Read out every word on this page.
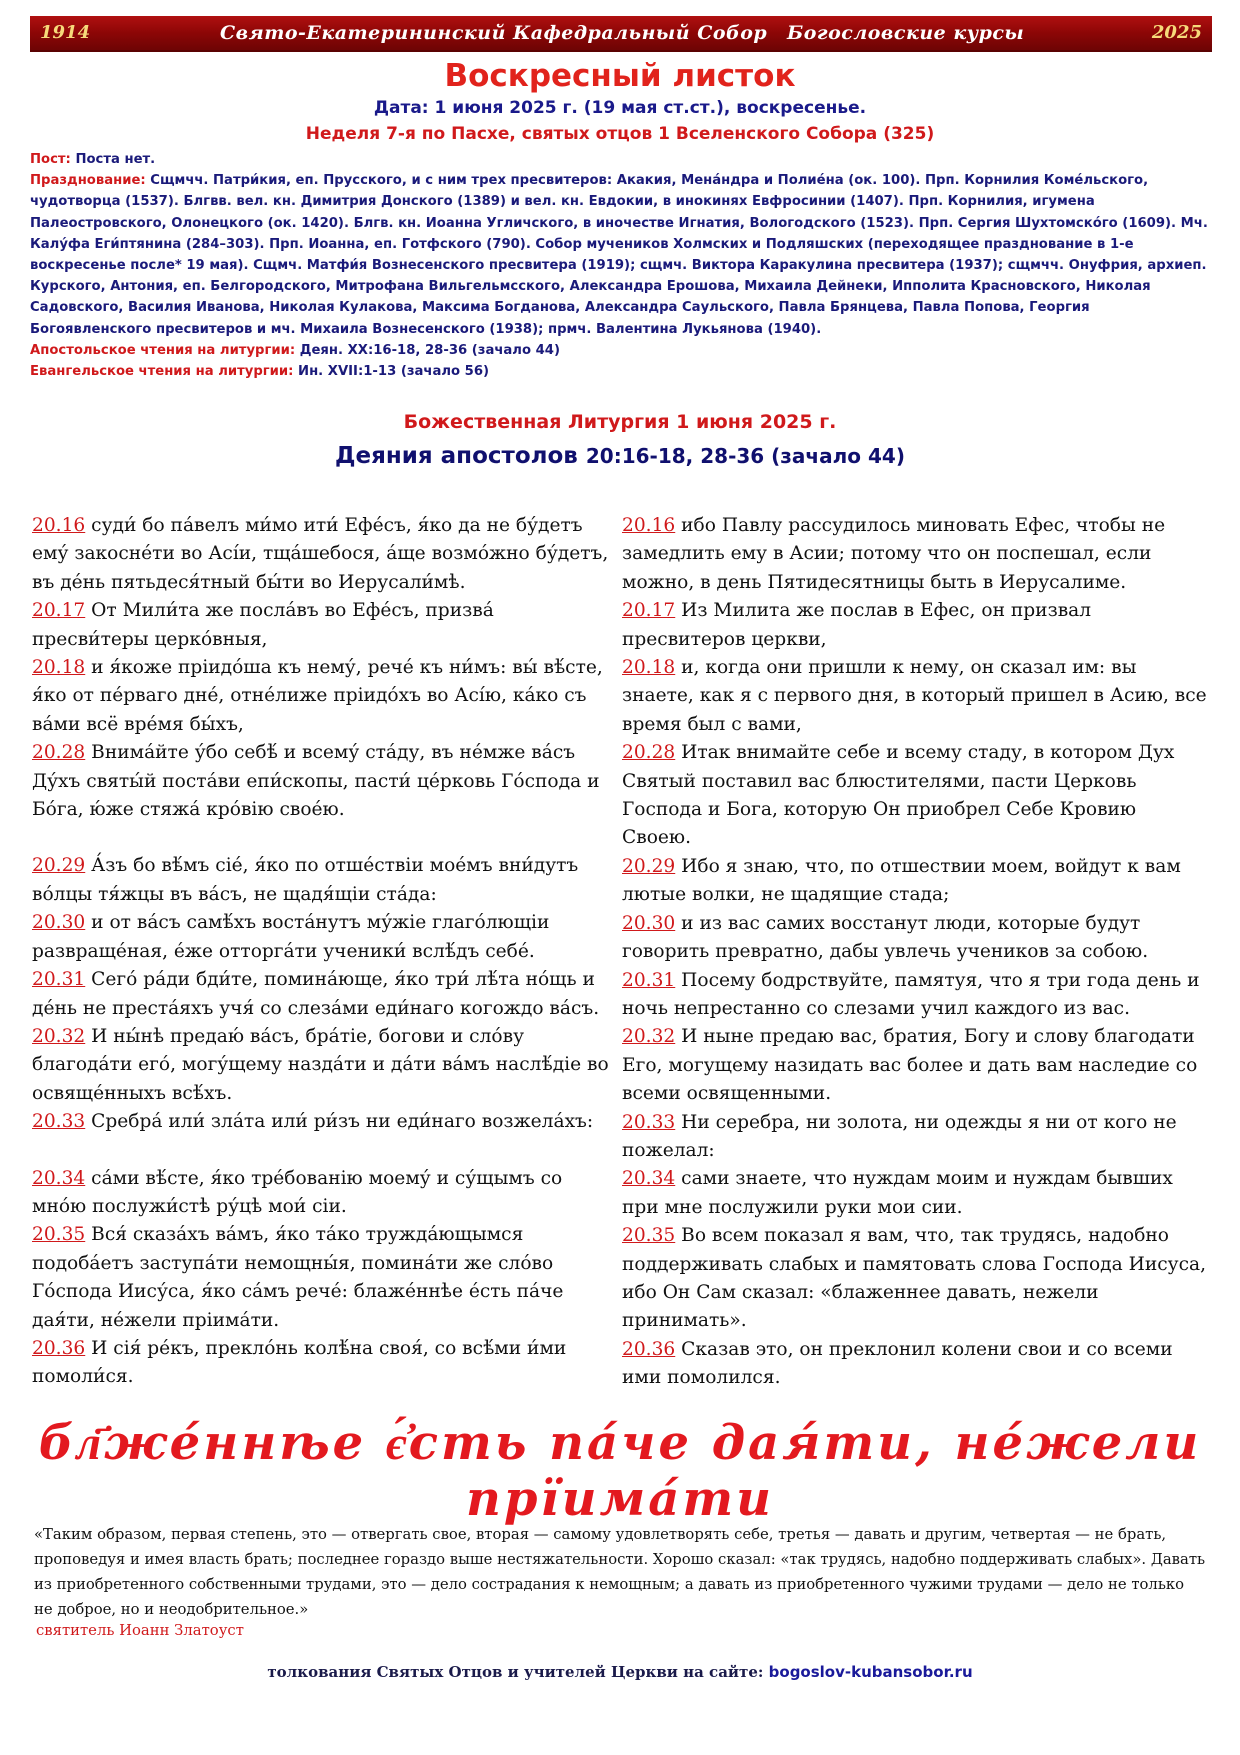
1914	Свято-Екатерининский Кафедральный Собор Богословские курсы	2025
Воскресный листок
Дата: 1 июня 2025 г. (19 мая ст.ст.), воскресенье.
Неделя 7-я по Пасхе, святых отцов 1 Вселенского Собора (325)
Пост: Поста нет.
Празднование: Сщмчч. Патри́кия, еп. Прусского, и с ним трех пресвитеров: Акакия, Мена́ндра и Полие́на (ок. 100). Прп. Корнилия Коме́льского, чудотворца (1537). Блгвв. вел. кн. Димитрия Донского (1389) и вел. кн. Евдокии, в инокинях Евфросинии (1407). Прп. Корнилия, игумена Палеостровского, Олонецкого (ок. 1420). Блгв. кн. Иоанна Угличского, в иночестве Игнатия, Вологодского (1523). Прп. Сергия Шухтомско́го (1609). Мч. Калу́фа Еги́птянина (284–303). Прп. Иоанна, еп. Готфского (790). Собор мучеников Холмских и Подляшских (переходящее празднование в 1-е воскресенье после* 19 мая). Сщмч. Матфи́я Вознесенского пресвитера (1919); сщмч. Виктора Каракулина пресвитера (1937); сщмчч. Онуфрия, архиеп. Курского, Антония, еп. Белгородского, Митрофана Вильгельмсского, Александра Ерошова, Михаила Дейнеки, Ипполита Красновского, Николая Садовского, Василия Иванова, Николая Кулакова, Максима Богданова, Александра Саульского, Павла Брянцева, Павла Попова, Георгия Богоявленского пресвитеров и мч. Михаила Вознесенского (1938); прмч. Валентина Лукьянова (1940).
Апостольское чтения на литургии: Деян. XX:16-18, 28-36 (зачало 44)
Евангельское чтения на литургии: Ин. XVII:1-13 (зачало 56)
Божественная Литургия 1 июня 2025 г.
Деяния апостолов 20:16-18, 28-36 (зачало 44)
20.16 суди́ бо па́велъ ми́мо ити́ Ефе́съ, я́ко да не бу́детъ ему́ закосне́ти во Асі́и, тща́шебося, а́ще возмо́жно бу́детъ, въ де́нь пятьдеся́тный бы́ти во Иерусали́мѣ.
20.17 От Мили́та же посла́въ во Ефе́съ, призва́ пресви́теры церко́вныя,
20.18 и я́коже пріидо́ша къ нему́, рече́ къ ни́мъ: вы́ вѣ́сте, я́ко от пе́рваго дне́, отне́лиже пріидо́хъ во Асі́ю, ка́ко съ ва́ми всё вре́мя бы́хъ,
20.28 Внима́йте у́бо себѣ́ и всему́ ста́ду, въ не́мже ва́съ Ду́хъ святы́й поста́ви епи́скопы, пасти́ це́рковь Го́спода и Бо́га, ю́же стяжа́ кро́вію свое́ю.
20.29 А́зъ бо вѣ́мъ сіе́, я́ко по отше́ствіи мое́мъ вни́дутъ во́лцы тя́жцы въ ва́съ, не щадя́щіи ста́да:
20.30 и от ва́съ самѣ́хъ воста́нутъ му́жіе глаго́лющіи развраще́ная, е́же отторга́ти ученики́ вслѣ́дъ себе́.
20.31 Сего́ ра́ди бди́те, помина́юще, я́ко три́ лѣ́та но́щь и де́нь не преста́яхъ учя́ со слеза́ми еди́наго когождо ва́съ.
20.32 И ны́нѣ предаю́ ва́съ, бра́тіе, богови и сло́ву благода́ти его́, могу́щему назда́ти и да́ти ва́мъ наслѣ́діе во освяще́нныхъ всѣ́хъ.
20.33 Сребра́ или́ зла́та или́ ри́зъ ни еди́наго возжела́хъ:
20.34 са́ми вѣ́сте, я́ко тре́бованію моему́ и су́щымъ со мно́ю послужи́стѣ ру́цѣ мои́ сіи.
20.35 Вся́ сказа́хъ ва́мъ, я́ко та́ко тружда́ющымся подоба́етъ заступа́ти немощны́я, помина́ти же сло́во Го́спода Иису́са, я́ко са́мъ рече́: блаже́ннѣе е́сть па́че дая́ти, не́жели пріима́ти.
20.36 И сія́ ре́къ, прекло́нь колѣ́на своя́, со всѣ́ми и́ми помоли́ся.
20.16 ибо Павлу рассудилось миновать Ефес, чтобы не замедлить ему в Асии; потому что он поспешал, если можно, в день Пятидесятницы быть в Иерусалиме.
20.17 Из Милита же послав в Ефес, он призвал пресвитеров церкви,
20.18 и, когда они пришли к нему, он сказал им: вы знаете, как я с первого дня, в который пришел в Асию, все время был с вами,
20.28 Итак внимайте себе и всему стаду, в котором Дух Святый поставил вас блюстителями, пасти Церковь Господа и Бога, которую Он приобрел Себе Кровию Своею.
20.29 Ибо я знаю, что, по отшествии моем, войдут к вам лютые волки, не щадящие стада;
20.30 и из вас самих восстанут люди, которые будут говорить превратно, дабы увлечь учеников за собою.
20.31 Посему бодрствуйте, памятуя, что я три года день и ночь непрестанно со слезами учил каждого из вас.
20.32 И ныне предаю вас, братия, Богу и слову благодати Его, могущему назидать вас более и дать вам наследие со всеми освященными.
20.33 Ни серебра, ни золота, ни одежды я ни от кого не пожелал:
20.34 сами знаете, что нуждам моим и нуждам бывших при мне послужили руки мои сии.
20.35 Во всем показал я вам, что, так трудясь, надобно поддерживать слабых и памятовать слова Господа Иисуса, ибо Он Сам сказал: «блаженнее давать, нежели принимать».
20.36 Сказав это, он преклонил колени свои и со всеми ими помолился.
бл҃же́ннѣе є҆́сть па́че дая́ти, не́жели прїима́ти
«Таким образом, первая степень, это — отвергать свое, вторая — самому удовлетворять себе, третья — давать и другим, четвертая — не брать, проповедуя и имея власть брать; последнее гораздо выше нестяжательности. Хорошо сказал: «так трудясь, надобно поддерживать слабых». Давать из приобретенного собственными трудами, это — дело сострадания к немощным; а давать из приобретенного чужими трудами — дело не только не доброе, но и неодобрительное.»
святитель Иоанн Златоуст
толкования Святых Отцов и учителей Церкви на сайте: bogoslov-kubansobor.ru
